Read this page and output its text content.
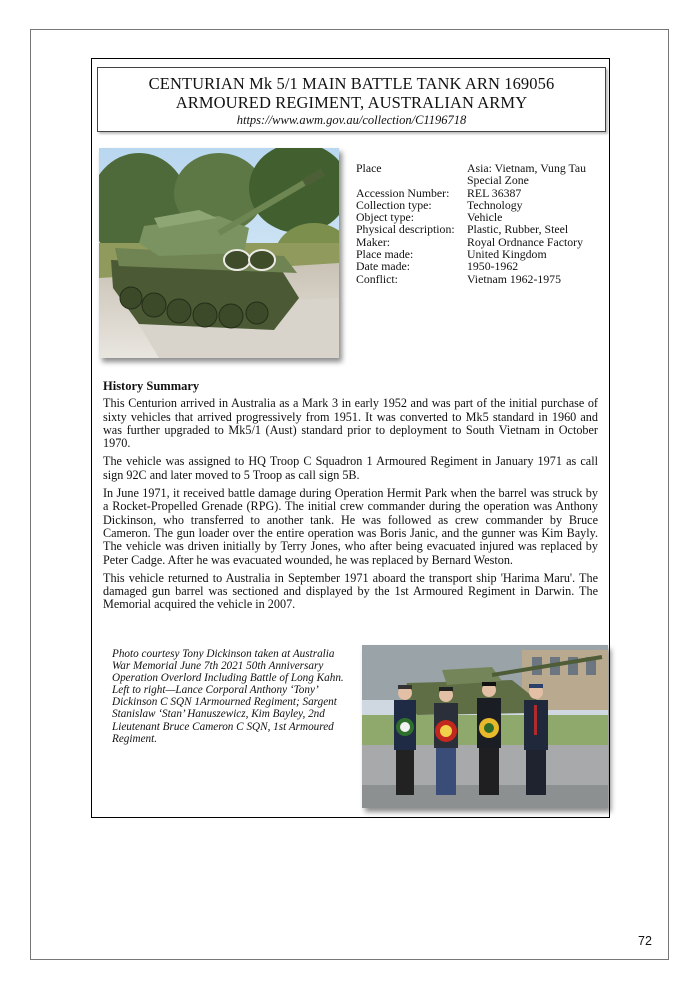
CENTURIAN Mk 5/1 MAIN BATTLE TANK ARN 169056
ARMOURED REGIMENT, AUSTRALIAN ARMY
https://www.awm.gov.au/collection/C1196718
Place	Asia: Vietnam, Vung Tau Special Zone
Accession Number:	REL 36387
Collection type:	Technology
Object type:	Vehicle
Physical description:	Plastic, Rubber, Steel
Maker:	Royal Ordnance Factory
Place made:	United Kingdom
Date made:	1950-1962
Conflict:	Vietnam 1962-1975
History Summary

This Centurion arrived in Australia as a Mark 3 in early 1952 and was part of the initial purchase of sixty vehicles that arrived progressively from 1951. It was converted to Mk5 standard in 1960 and was further upgraded to Mk5/1 (Aust) standard prior to deployment to South Vietnam in October 1970.

The vehicle was assigned to HQ Troop C Squadron 1 Armoured Regiment in January 1971 as call sign 92C and later moved to 5 Troop as call sign 5B.

In June 1971, it received battle damage during Operation Hermit Park when the barrel was struck by a Rocket-Propelled Grenade (RPG). The initial crew commander during the operation was Anthony Dickinson, who transferred to another tank. He was followed as crew commander by Bruce Cameron. The gun loader over the entire operation was Boris Janic, and the gunner was Kim Bayly. The vehicle was driven initially by Terry Jones, who after being evacuated injured was replaced by Peter Cadge. After he was evacuated wounded, he was replaced by Bernard Weston.

This vehicle returned to Australia in September 1971 aboard the transport ship 'Harima Maru'. The damaged gun barrel was sectioned and displayed by the 1st Armoured Regiment in Darwin. The Memorial acquired the vehicle in 2007.

Photo courtesy Tony Dickinson taken at Australia War Memorial June 7th 2021 50th Anniversary Operation Overlord Including Battle of Long Kahn. Left to right—Lance Corporal Anthony ‘Tony’ Dickinson C SQN 1Armourned Regiment; Sargent Stanislaw ‘Stan’ Hanuszewicz, Kim Bayley, 2nd Lieutenant Bruce Cameron C SQN, 1st Armoured Regiment.
72
